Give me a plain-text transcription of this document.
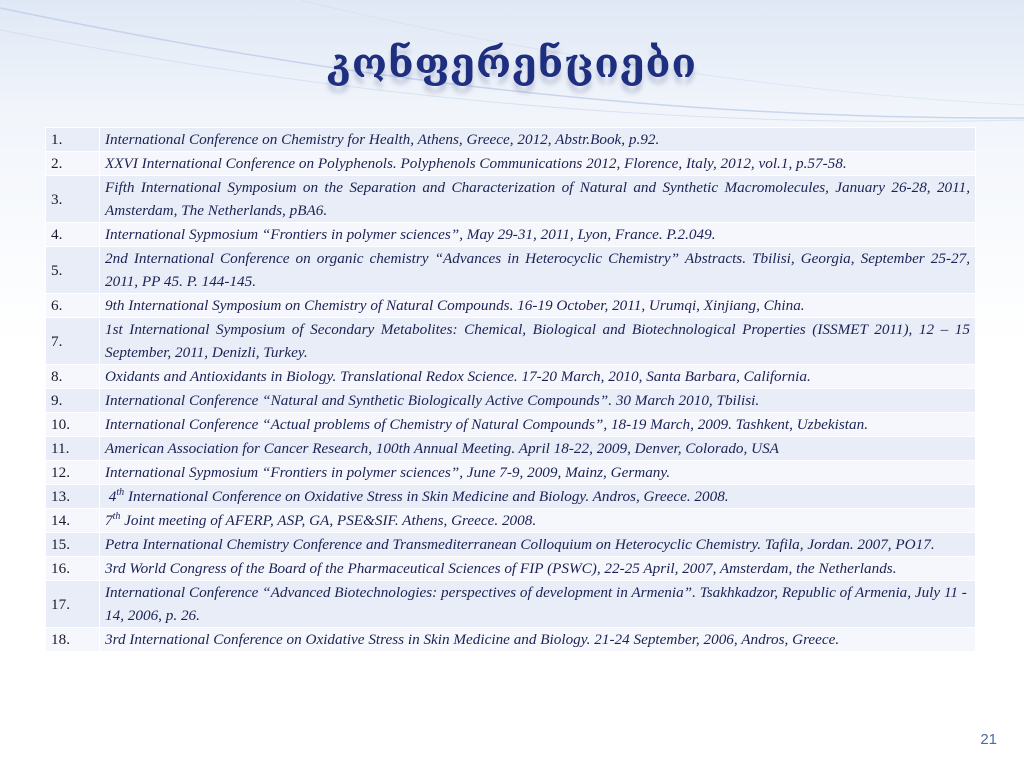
კონფერენციები
1.	International Conference on Chemistry for Health, Athens, Greece, 2012, Abstr.Book, p.92.
2.	XXVI International Conference on Polyphenols. Polyphenols Communications 2012, Florence, Italy, 2012, vol.1, p.57-58.
3.	Fifth International Symposium on the Separation and Characterization of Natural and Synthetic Macromolecules, January 26-28, 2011, Amsterdam, The Netherlands, pBA6.
4.	International Sypmosium “Frontiers in polymer sciences”, May 29-31, 2011, Lyon, France. P.2.049.
5.	2nd International Conference on organic chemistry “Advances in Heterocyclic Chemistry” Abstracts. Tbilisi, Georgia, September 25-27, 2011, PP 45. P. 144-145.
6.	9th International Symposium on Chemistry of Natural Compounds. 16-19 October, 2011, Urumqi, Xinjiang, China.
7.	1st International Symposium of Secondary Metabolites: Chemical, Biological and Biotechnological Properties (ISSMET 2011), 12 – 15 September, 2011, Denizli, Turkey.
8.	Oxidants and Antioxidants in Biology. Translational Redox Science. 17-20 March, 2010, Santa Barbara, California.
9.	International Conference “Natural and Synthetic Biologically Active Compounds”. 30 March 2010, Tbilisi.
10.	International Conference “Actual problems of Chemistry of Natural Compounds”, 18-19 March, 2009. Tashkent, Uzbekistan.
11.	American Association for Cancer Research, 100th Annual Meeting. April 18-22, 2009, Denver, Colorado, USA
12.	International Sypmosium “Frontiers in polymer sciences”, June 7-9, 2009, Mainz, Germany.
13.	4th International Conference on Oxidative Stress in Skin Medicine and Biology. Andros, Greece. 2008.
14.	7th Joint meeting of AFERP, ASP, GA, PSE&SIF. Athens, Greece. 2008.
15.	Petra International Chemistry Conference and Transmediterranean Colloquium on Heterocyclic Chemistry. Tafila, Jordan. 2007, PO17.
16.	3rd World Congress of the Board of the Pharmaceutical Sciences of FIP (PSWC), 22-25 April, 2007, Amsterdam, the Netherlands.
17.	International Conference “Advanced Biotechnologies: perspectives of development in Armenia”. Tsakhkadzor, Republic of Armenia, July 11 - 14, 2006, p. 26.
18.	3rd International Conference on Oxidative Stress in Skin Medicine and Biology. 21-24 September, 2006, Andros, Greece.
21
